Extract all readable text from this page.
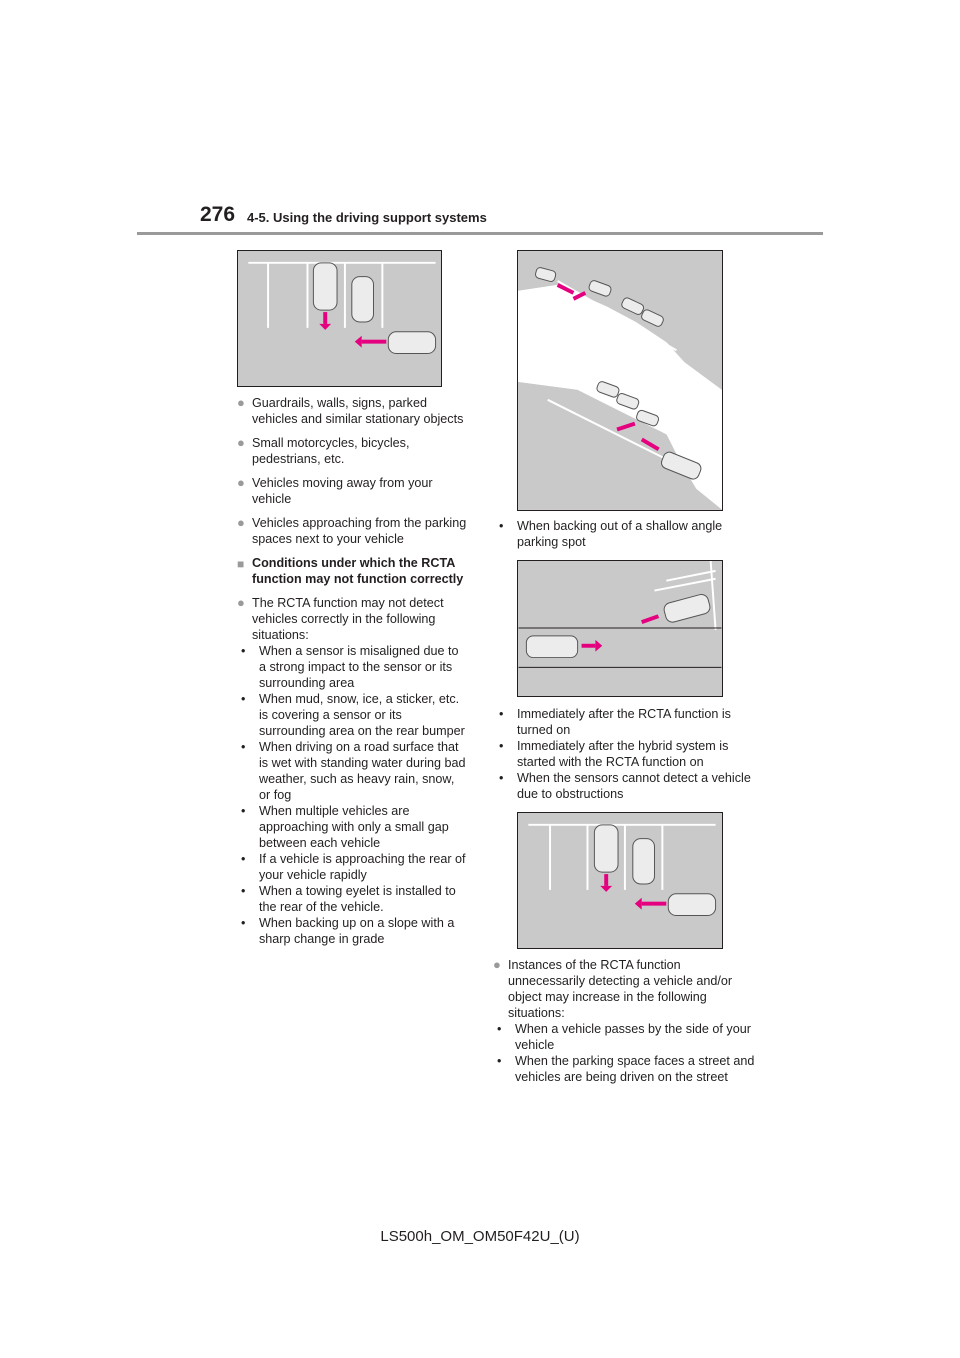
276 4-5. Using the driving support systems
● Guardrails, walls, signs, parked vehicles and similar stationary objects
● Small motorcycles, bicycles, pedestrians, etc.
● Vehicles moving away from your vehicle
● Vehicles approaching from the parking spaces next to your vehicle
■ Conditions under which the RCTA function may not function correctly
● The RCTA function may not detect vehicles correctly in the following situations:
• When a sensor is misaligned due to a strong impact to the sensor or its surrounding area
• When mud, snow, ice, a sticker, etc. is covering a sensor or its surrounding area on the rear bumper
• When driving on a road surface that is wet with standing water during bad weather, such as heavy rain, snow, or fog
• When multiple vehicles are approaching with only a small gap between each vehicle
• If a vehicle is approaching the rear of your vehicle rapidly
• When a towing eyelet is installed to the rear of the vehicle.
• When backing up on a slope with a sharp change in grade
• When backing out of a shallow angle parking spot
• Immediately after the RCTA function is turned on
• Immediately after the hybrid system is started with the RCTA function on
• When the sensors cannot detect a vehicle due to obstructions
● Instances of the RCTA function unnecessarily detecting a vehicle and/or object may increase in the following situations:
• When a vehicle passes by the side of your vehicle
• When the parking space faces a street and vehicles are being driven on the street
LS500h_OM_OM50F42U_(U)
